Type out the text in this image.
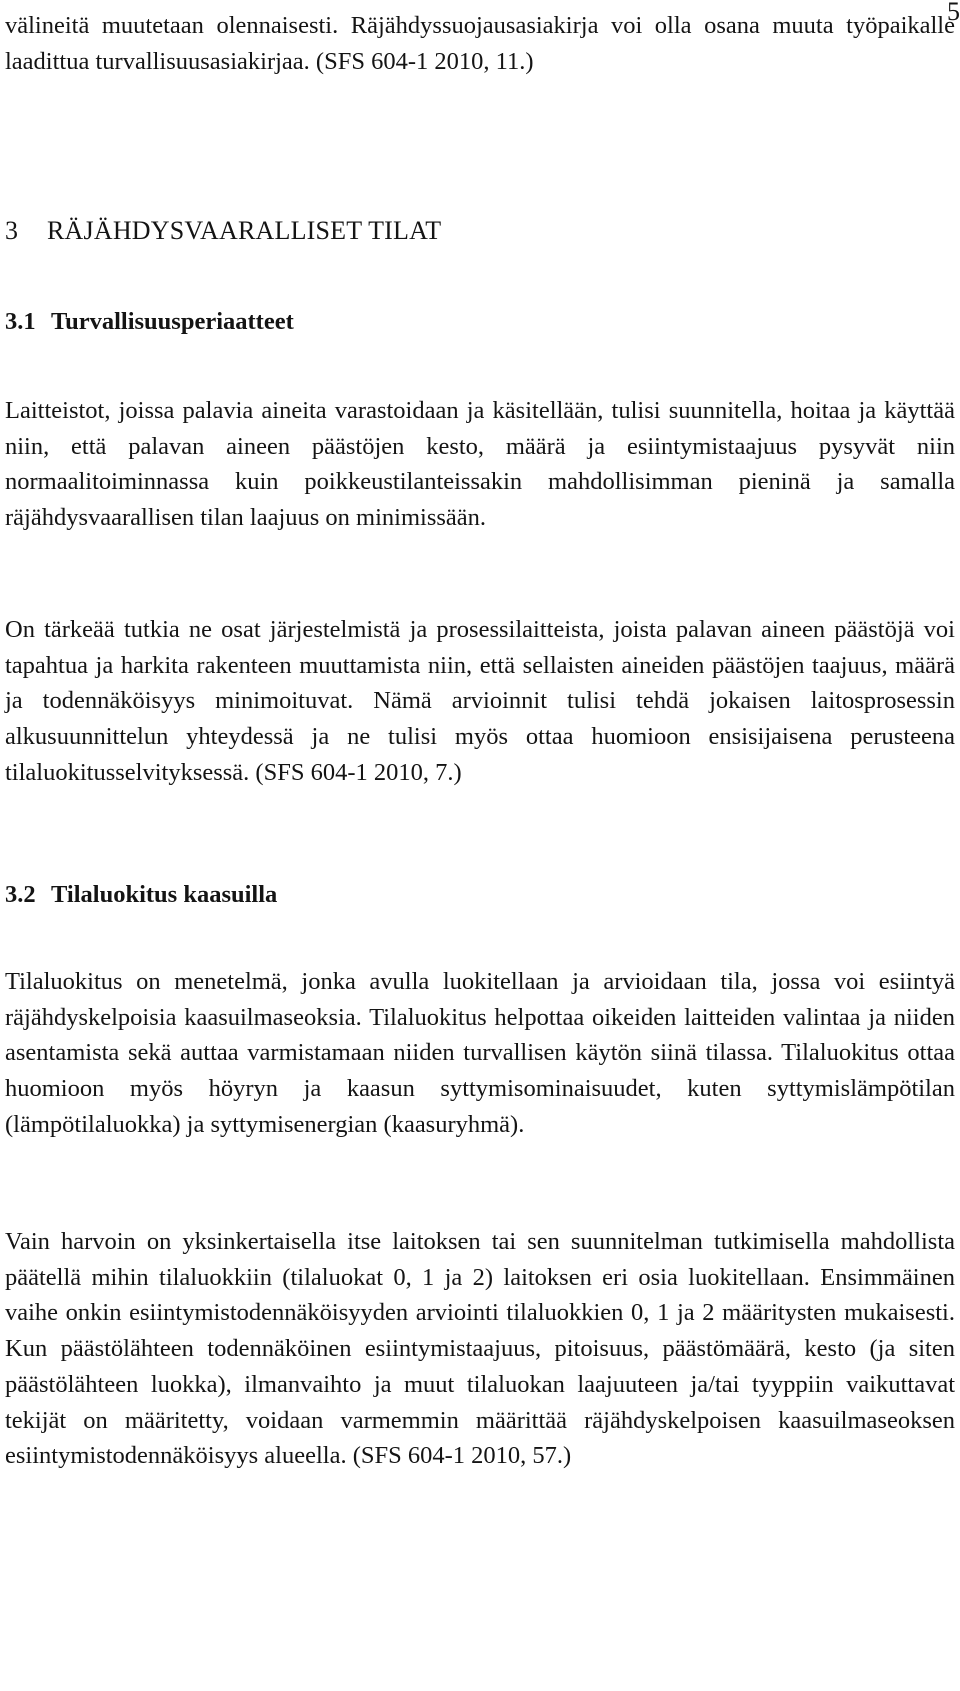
5

välineitä muutetaan olennaisesti. Räjähdyssuojausasiakirja voi olla osana muuta työpaikalle laadittua turvallisuusasiakirjaa. (SFS 604-1 2010, 11.)

3 RÄJÄHDYSVAARALLISET TILAT
3.1 Turvallisuusperiaatteet

Laitteistot, joissa palavia aineita varastoidaan ja käsitellään, tulisi suunnitella, hoitaa ja käyttää niin, että palavan aineen päästöjen kesto, määrä ja esiintymistaajuus pysyvät niin normaalitoiminnassa kuin poikkeustilanteissakin mahdollisimman pieninä ja samalla räjähdysvaarallisen tilan laajuus on minimissään.

On tärkeää tutkia ne osat järjestelmistä ja prosessilaitteista, joista palavan aineen päästöjä voi tapahtua ja harkita rakenteen muuttamista niin, että sellaisten aineiden päästöjen taajuus, määrä ja todennäköisyys minimoituvat. Nämä arvioinnit tulisi tehdä jokaisen laitosprosessin alkusuunnittelun yhteydessä ja ne tulisi myös ottaa huomioon ensisijaisena perusteena tilaluokitusselvityksessä. (SFS 604-1 2010, 7.)

3.2 Tilaluokitus kaasuilla

Tilaluokitus on menetelmä, jonka avulla luokitellaan ja arvioidaan tila, jossa voi esiintyä räjähdyskelpoisia kaasuilmaseoksia. Tilaluokitus helpottaa oikeiden laitteiden valintaa ja niiden asentamista sekä auttaa varmistamaan niiden turvallisen käytön siinä tilassa. Tilaluokitus ottaa huomioon myös höyryn ja kaasun syttymisominaisuudet, kuten syttymislämpötilan (lämpötilaluokka) ja syttymisenergian (kaasuryhmä).

Vain harvoin on yksinkertaisella itse laitoksen tai sen suunnitelman tutkimisella mahdollista päätellä mihin tilaluokkiin (tilaluokat 0, 1 ja 2) laitoksen eri osia luokitellaan. Ensimmäinen vaihe onkin esiintymistodennäköisyyden arviointi tilaluokkien 0, 1 ja 2 määritysten mukaisesti. Kun päästölähteen todennäköinen esiintymistaajuus, pitoisuus, päästömäärä, kesto (ja siten päästölähteen luokka), ilmanvaihto ja muut tilaluokan laajuuteen ja/tai tyyppiin vaikuttavat tekijät on määritetty, voidaan varmemmin määrittää räjähdyskelpoisen kaasuilmaseoksen esiintymistodennäköisyys alueella. (SFS 604-1 2010, 57.)
